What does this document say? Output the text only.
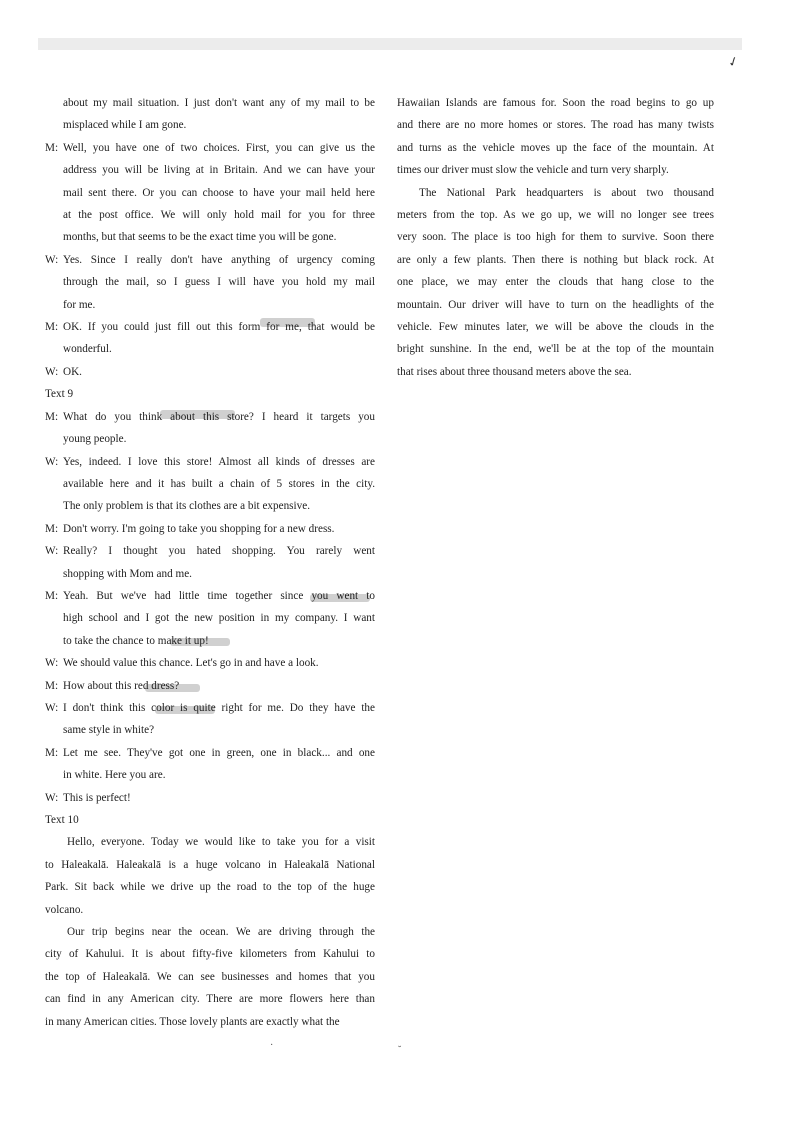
✓
about my mail situation. I just don't want any of my mail to be
misplaced while I am gone.
M: Well, you have one of two choices. First, you can give us the
address you will be living at in Britain. And we can have your
mail sent there. Or you can choose to have your mail held here
at the post office. We will only hold mail for you for three
months, but that seems to be the exact time you will be gone.
W: Yes. Since I really don't have anything of urgency coming
through the mail, so I guess I will have you hold my mail
for me.
M: OK. If you could just fill out this form for me, that would be
wonderful.
W: OK.

Text 9

M: What do you think about this store? I heard it targets you
young people.
W: Yes, indeed. I love this store! Almost all kinds of dresses are
available here and it has built a chain of 5 stores in the city.
The only problem is that its clothes are a bit expensive.
M: Don't worry. I'm going to take you shopping for a new dress.
W: Really? I thought you hated shopping. You rarely went
shopping with Mom and me.
M: Yeah. But we've had little time together since you went to
high school and I got the new position in my company. I want
to take the chance to make it up!
W: We should value this chance. Let's go in and have a look.
M: How about this red dress?
W: I don't think this color is quite right for me. Do they have the
same style in white?
M: Let me see. They've got one in green, one in black... and one
in white. Here you are.
W: This is perfect!

Text 10

Hello, everyone. Today we would like to take you for a visit
to Haleakalā. Haleakalā is a huge volcano in Haleakalā National
Park. Sit back while we drive up the road to the top of the huge
volcano.
Our trip begins near the ocean. We are driving through the
city of Kahului. It is about fifty-five kilometers from Kahului to
the top of Haleakalā. We can see businesses and homes that you
can find in any American city. There are more flowers here than
in many American cities. Those lovely plants are exactly what the
Hawaiian Islands are famous for. Soon the road begins to go up
and there are no more homes or stores. The road has many twists
and turns as the vehicle moves up the face of the mountain. At
times our driver must slow the vehicle and turn very sharply.
The National Park headquarters is about two thousand
meters from the top. As we go up, we will no longer see trees
very soon. The place is too high for them to survive. Soon there
are only a few plants. Then there is nothing but black rock. At
one place, we may enter the clouds that hang close to the
mountain. Our driver will have to turn on the headlights of the
vehicle. Few minutes later, we will be above the clouds in the
bright sunshine. In the end, we'll be at the top of the mountain
that rises about three thousand meters above the sea.
·	˘
